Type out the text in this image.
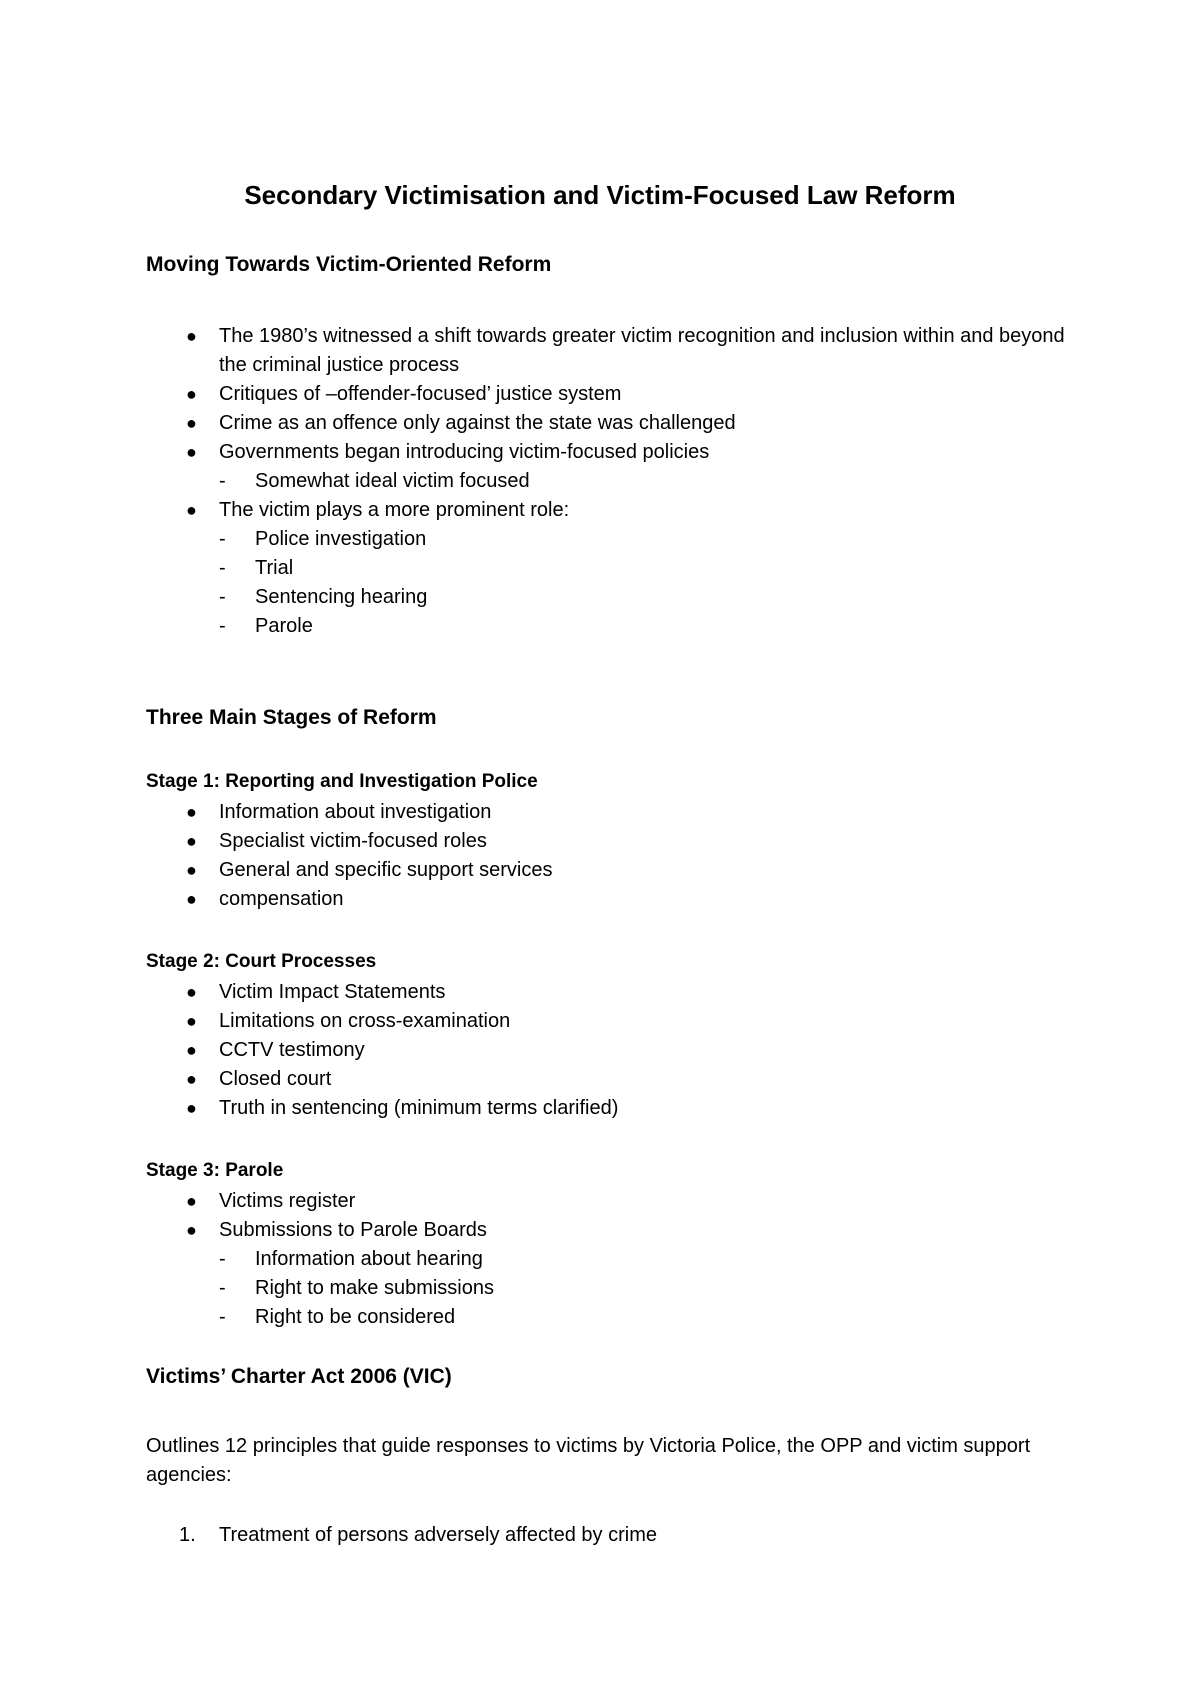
Secondary Victimisation and Victim-Focused Law Reform
Moving Towards Victim-Oriented Reform
● The 1980’s witnessed a shift towards greater victim recognition and inclusion within and beyond the criminal justice process
● Critiques of –offender-focused’ justice system
● Crime as an offence only against the state was challenged
● Governments began introducing victim-focused policies
- Somewhat ideal victim focused
● The victim plays a more prominent role:
- Police investigation
- Trial
- Sentencing hearing
- Parole
Three Main Stages of Reform
Stage 1: Reporting and Investigation Police
● Information about investigation
● Specialist victim-focused roles
● General and specific support services
● compensation
Stage 2: Court Processes
● Victim Impact Statements
● Limitations on cross-examination
● CCTV testimony
● Closed court
● Truth in sentencing (minimum terms clarified)
Stage 3: Parole
● Victims register
● Submissions to Parole Boards
- Information about hearing
- Right to make submissions
- Right to be considered
Victims’ Charter Act 2006 (VIC)

Outlines 12 principles that guide responses to victims by Victoria Police, the OPP and victim support agencies:

1. Treatment of persons adversely affected by crime
